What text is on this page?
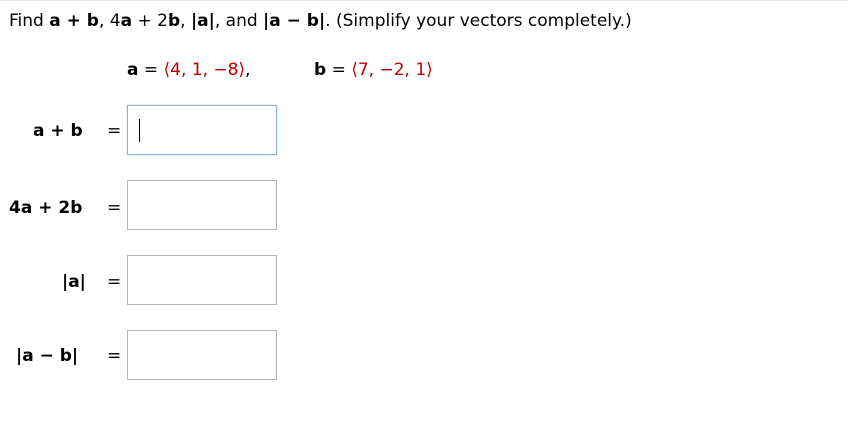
Find a + b, 4a + 2b, |a|, and |a − b|. (Simplify your vectors completely.)
a = ⟨4, 1, −8⟩,	b = ⟨7, −2, 1⟩
a + b =
4a + 2b =
|a| =
|a − b| =
